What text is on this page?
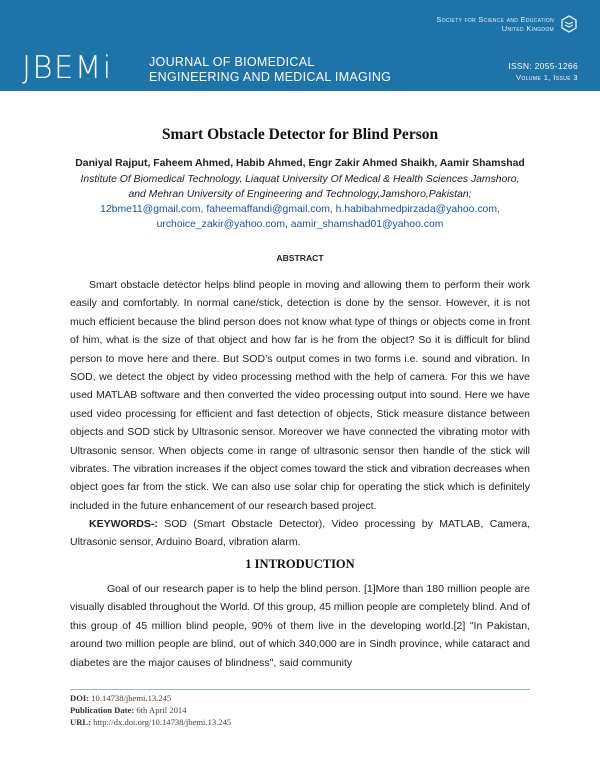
Society for Science and Education
United Kingdom
JBEMi	JOURNAL OF BIOMEDICAL
ENGINEERING AND MEDICAL IMAGING
ISSN: 2055-1266
Volume 1, Issue 3
Smart Obstacle Detector for Blind Person
Daniyal Rajput, Faheem Ahmed, Habib Ahmed, Engr Zakir Ahmed Shaikh, Aamir Shamshad
Institute Of Biomedical Technology, Liaquat University Of Medical & Health Sciences Jamshoro,
and Mehran University of Engineering and Technology,Jamshoro,Pakistan;
12bme11@gmail.com, faheemaffandi@gmail.com, h.habibahmedpirzada@yahoo.com,
urchoice_zakir@yahoo.com, aamir_shamshad01@yahoo.com
ABSTRACT

Smart obstacle detector helps blind people in moving and allowing them to perform their work easily and comfortably. In normal cane/stick, detection is done by the sensor. However, it is not much efficient because the blind person does not know what type of things or objects come in front of him, what is the size of that object and how far is he from the object? So it is difficult for blind person to move here and there. But SOD’s output comes in two forms i.e. sound and vibration. In SOD, we detect the object by video processing method with the help of camera. For this we have used MATLAB software and then converted the video processing output into sound. Here we have used video processing for efficient and fast detection of objects, Stick measure distance between objects and SOD stick by Ultrasonic sensor. Moreover we have connected the vibrating motor with Ultrasonic sensor. When objects come in range of ultrasonic sensor then handle of the stick will vibrates. The vibration increases if the object comes toward the stick and vibration decreases when object goes far from the stick. We can also use solar chip for operating the stick which is definitely included in the future enhancement of our research based project.

KEYWORDS-: SOD (Smart Obstacle Detector), Video processing by MATLAB, Camera, Ultrasonic sensor, Arduino Board, vibration alarm.

1 INTRODUCTION

Goal of our research paper is to help the blind person. [1]More than 180 million people are visually disabled throughout the World. Of this group, 45 million people are completely blind. And of this group of 45 million blind people, 90% of them live in the developing world.[2] "In Pakistan, around two million people are blind, out of which 340,000 are in Sindh province, while cataract and diabetes are the major causes of blindness", said community

DOI: 10.14738/jbemi.13.245
Publication Date: 6th April 2014
URL: http://dx.doi.org/10.14738/jbemi.13.245
